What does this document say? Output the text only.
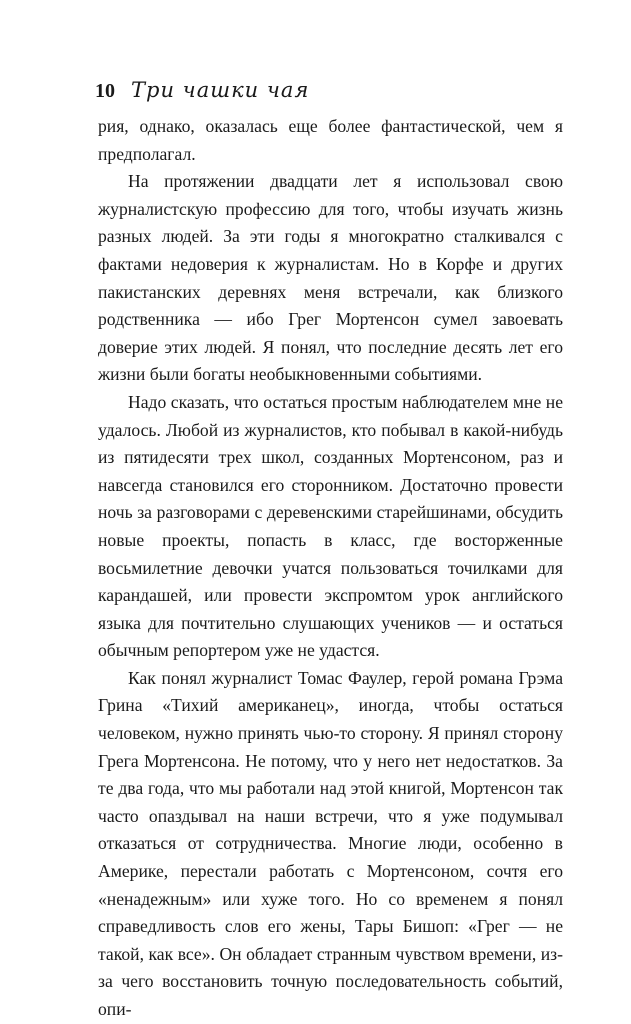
10 Три чашки чая

рия, однако, оказалась еще более фантастической, чем я предполагал.

На протяжении двадцати лет я использовал свою журналистскую профессию для того, чтобы изучать жизнь разных людей. За эти годы я многократно сталкивался с фактами недоверия к журналистам. Но в Корфе и других пакистанских деревнях меня встречали, как близкого родственника — ибо Грег Мортенсон сумел завоевать доверие этих людей. Я понял, что последние десять лет его жизни были богаты необыкновенными событиями.

Надо сказать, что остаться простым наблюдателем мне не удалось. Любой из журналистов, кто побывал в какой-нибудь из пятидесяти трех школ, созданных Мортенсоном, раз и навсегда становился его сторонником. Достаточно провести ночь за разговорами с деревенскими старейшинами, обсудить новые проекты, попасть в класс, где восторженные восьмилетние девочки учатся пользоваться точилками для карандашей, или провести экспромтом урок английского языка для почтительно слушающих учеников — и остаться обычным репортером уже не удастся.

Как понял журналист Томас Фаулер, герой романа Грэма Грина «Тихий американец», иногда, чтобы остаться человеком, нужно принять чью-то сторону. Я принял сторону Грега Мортенсона. Не потому, что у него нет недостатков. За те два года, что мы работали над этой книгой, Мортенсон так часто опаздывал на наши встречи, что я уже подумывал отказаться от сотрудничества. Многие люди, особенно в Америке, перестали работать с Мортенсоном, сочтя его «ненадежным» или хуже того. Но со временем я понял справедливость слов его жены, Тары Бишоп: «Грег — не такой, как все». Он обладает странным чувством времени, из-за чего восстановить точную последовательность событий, опи-
